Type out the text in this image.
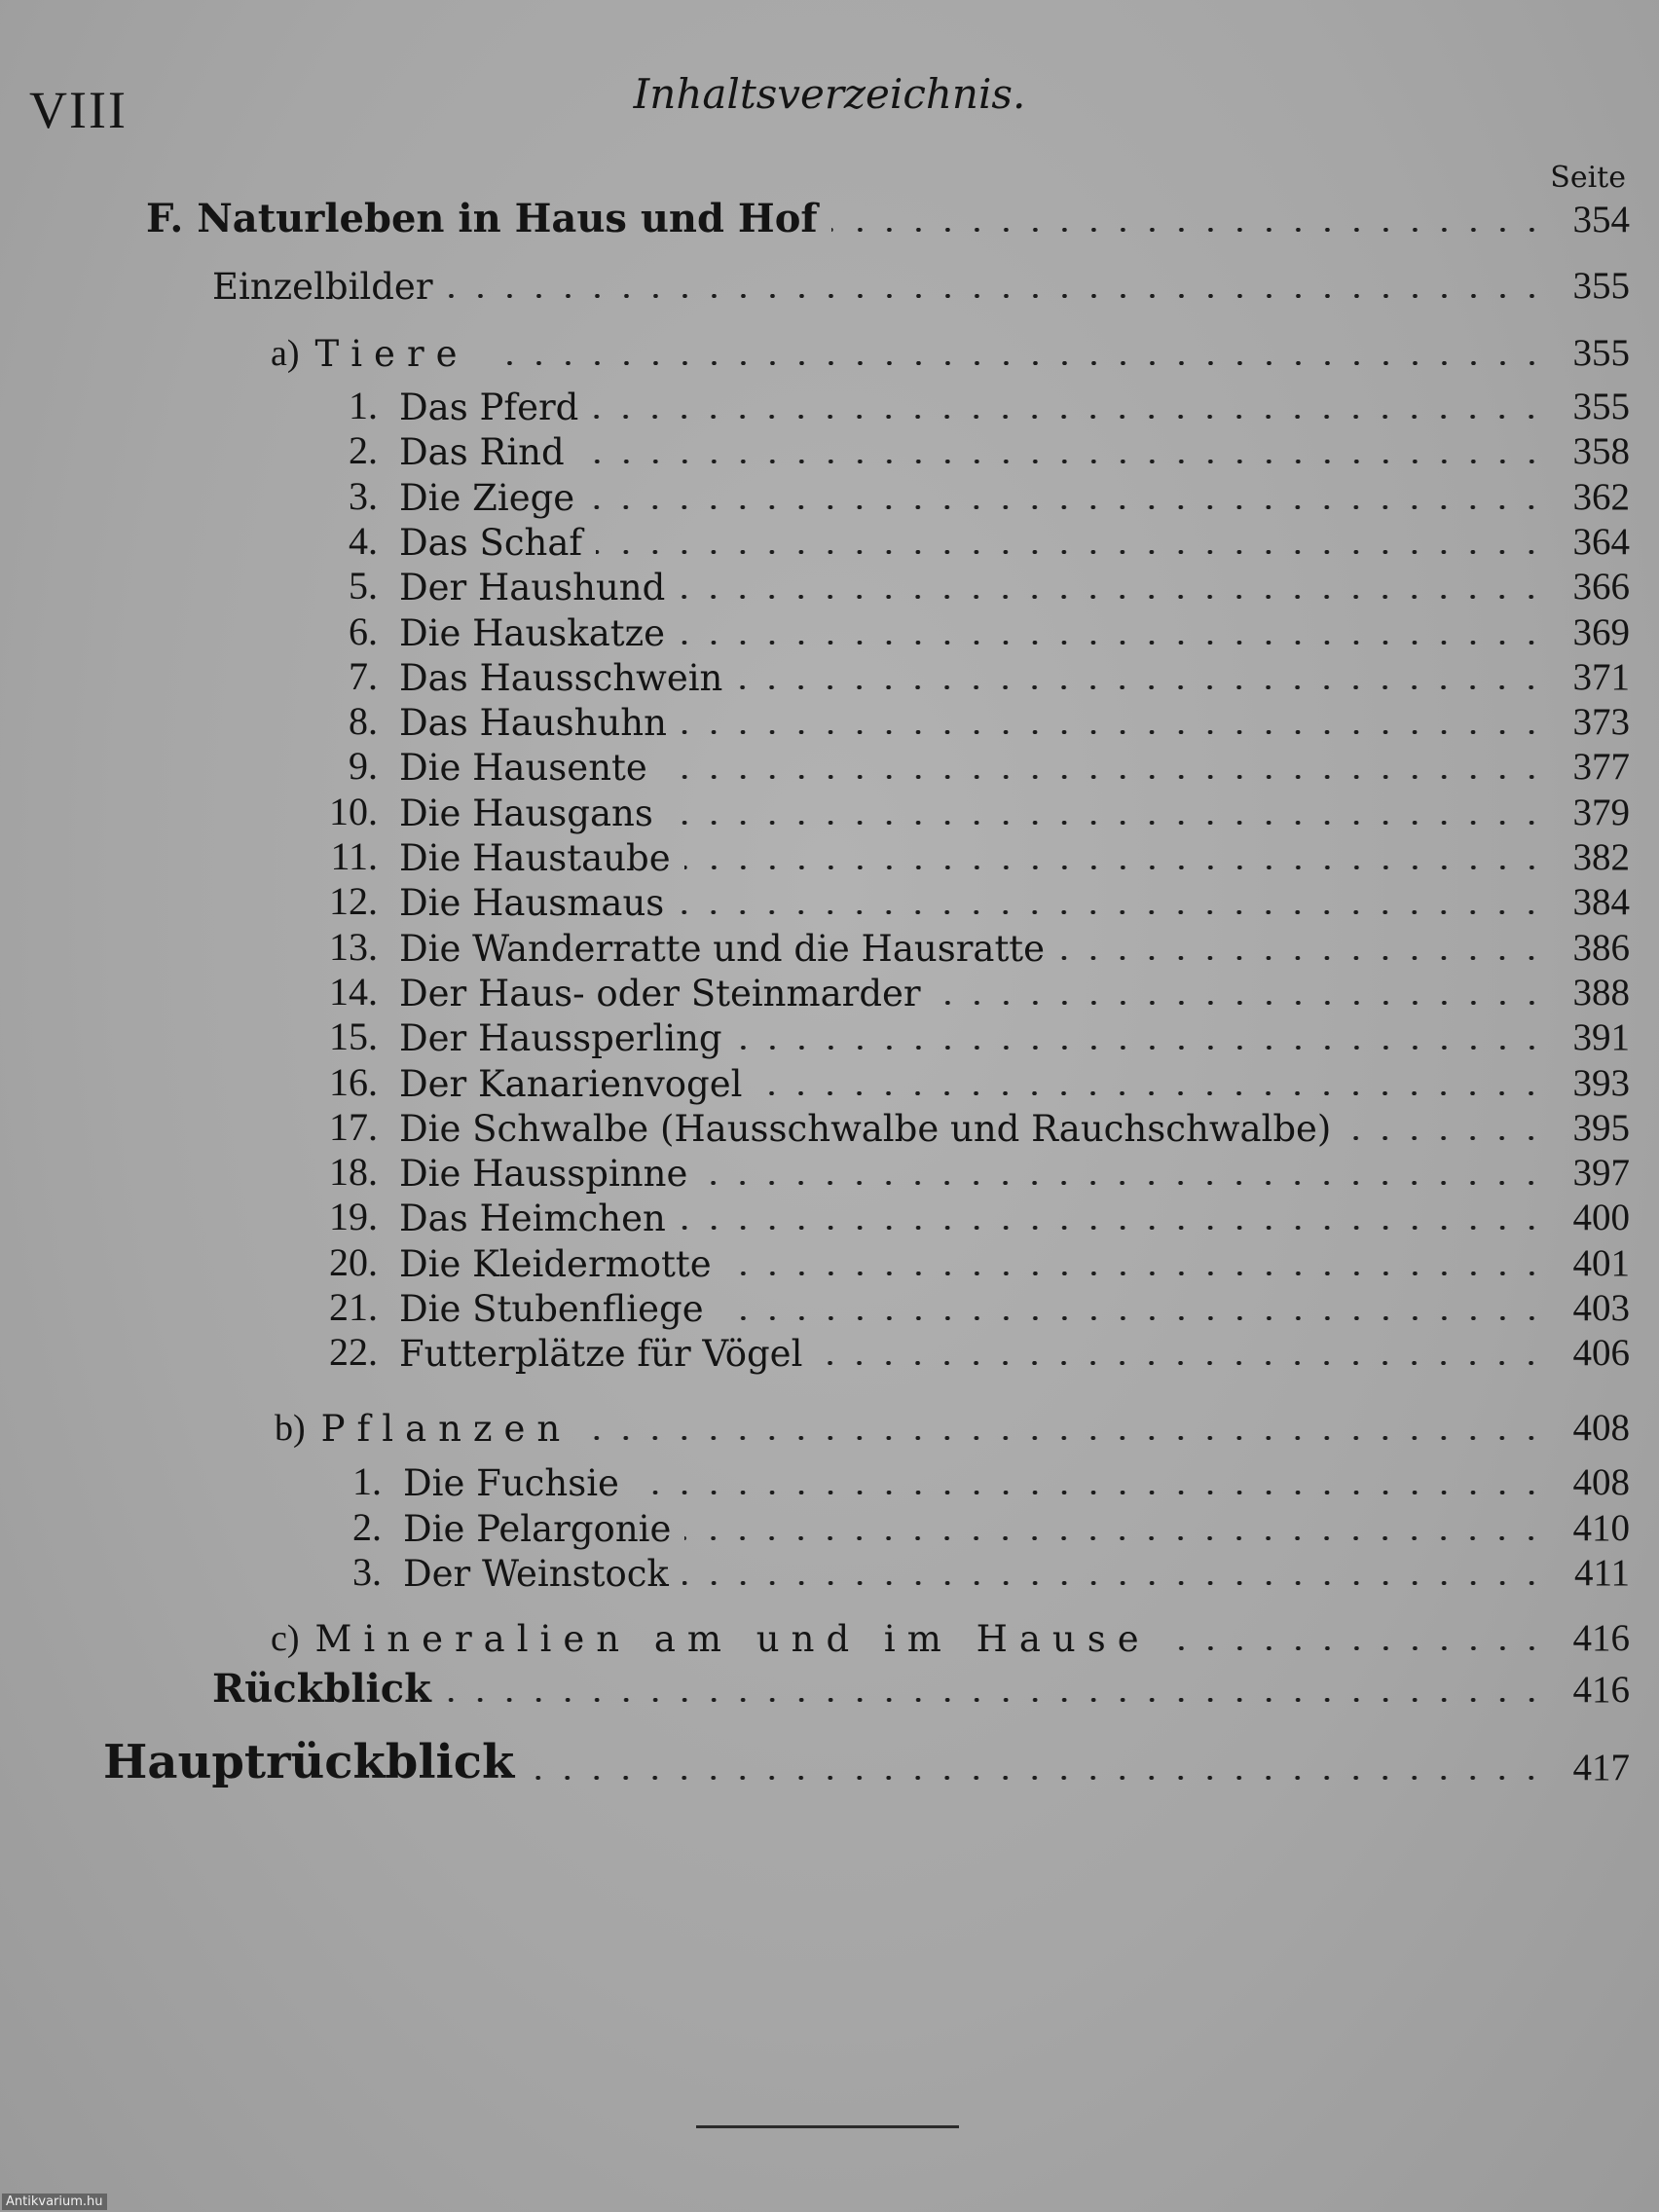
VIII	Inhaltsverzeichnis.
Seite
F. Naturleben in Haus und Hof	354
Einzelbilder	355
a) Tiere	355
1. Das Pferd	355
2. Das Rind	358
3. Die Ziege	362
4. Das Schaf	364
5. Der Haushund	366
6. Die Hauskatze	369
7. Das Hausschwein	371
8. Das Haushuhn	373
9. Die Hausente	377
10. Die Hausgans	379
11. Die Haustaube	382
12. Die Hausmaus	384
13. Die Wanderratte und die Hausratte	386
14. Der Haus- oder Steinmarder	388
15. Der Haussperling	391
16. Der Kanarienvogel	393
17. Die Schwalbe (Hausschwalbe und Rauchschwalbe)	395
18. Die Hausspinne	397
19. Das Heimchen	400
20. Die Kleidermotte	401
21. Die Stubenfliege	403
22. Futterplätze für Vögel	406
b) Pflanzen	408
1. Die Fuchsie	408
2. Die Pelargonie	410
3. Der Weinstock	411
c) Mineralien am und im Hause	416
Rückblick	416
Hauptrückblick	417
Antikvarium.hu
